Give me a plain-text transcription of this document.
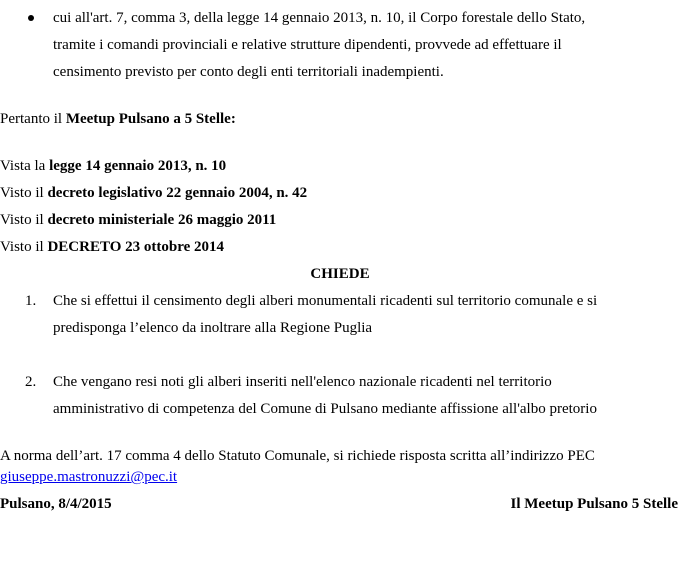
cui all'art. 7, comma 3, della legge 14 gennaio 2013, n. 10, il Corpo forestale dello Stato,
tramite i comandi provinciali e relative strutture dipendenti, provvede ad effettuare il
censimento previsto per conto degli enti territoriali inadempienti.
Pertanto il Meetup Pulsano a 5 Stelle:
Vista la legge 14 gennaio 2013, n. 10
Visto il decreto legislativo 22 gennaio 2004, n. 42
Visto il decreto ministeriale 26 maggio 2011
Visto il DECRETO 23 ottobre 2014
CHIEDE
1. Che si effettui il censimento degli alberi monumentali ricadenti sul territorio comunale e si
predisponga l’elenco da inoltrare alla Regione Puglia
2. Che vengano resi noti gli alberi inseriti nell'elenco nazionale ricadenti nel territorio
amministrativo di competenza del Comune di Pulsano mediante affissione all'albo pretorio
A norma dell’art. 17 comma 4 dello Statuto Comunale, si richiede risposta scritta all’indirizzo PEC
giuseppe.mastronuzzi@pec.it
Pulsano, 8/4/2015	Il Meetup Pulsano 5 Stelle
